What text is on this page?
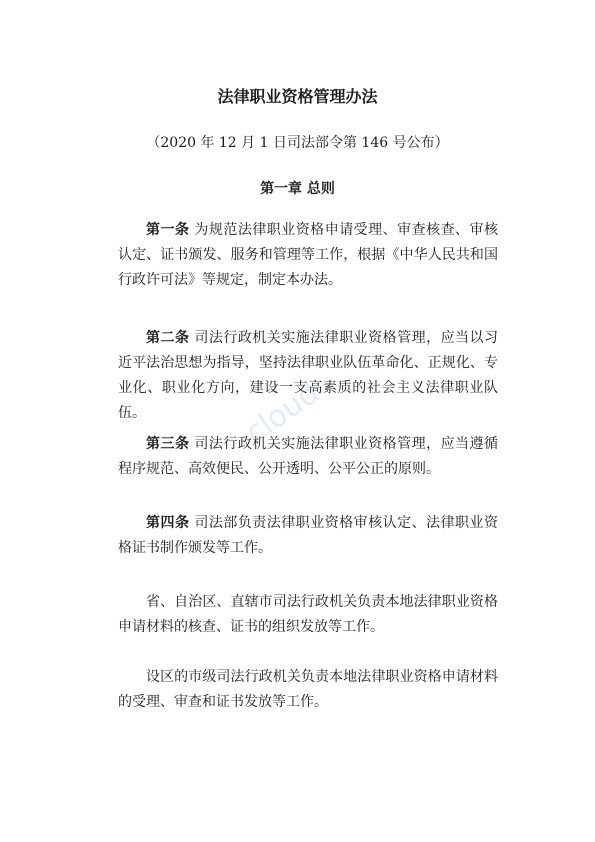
法律职业资格管理办法
（2020 年 12 月 1 日司法部令第 146 号公布）
第一章 总则
第一条 为规范法律职业资格申请受理、审查核查、审核认定、证书颁发、服务和管理等工作，根据《中华人民共和国行政许可法》等规定，制定本办法。
第二条 司法行政机关实施法律职业资格管理，应当以习近平法治思想为指导，坚持法律职业队伍革命化、正规化、专业化、职业化方向，建设一支高素质的社会主义法律职业队伍。
第三条 司法行政机关实施法律职业资格管理，应当遵循程序规范、高效便民、公开透明、公平公正的原则。
第四条 司法部负责法律职业资格审核认定、法律职业资格证书制作颁发等工作。
省、自治区、直辖市司法行政机关负责本地法律职业资格申请材料的核查、证书的组织发放等工作。
设区的市级司法行政机关负责本地法律职业资格申请材料的受理、审查和证书发放等工作。
cloud
